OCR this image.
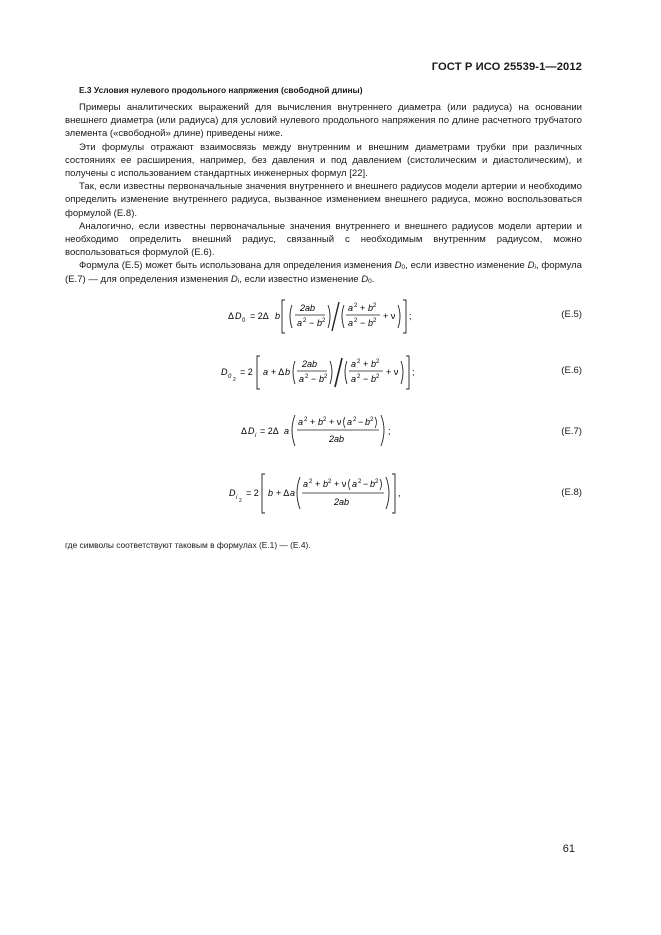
ГОСТ Р ИСО 25539-1—2012
Е.3 Условия нулевого продольного напряжения (свободной длины)

Примеры аналитических выражений для вычисления внутреннего диаметра (или радиуса) на основании внешнего диаметра (или радиуса) для условий нулевого продольного напряжения по длине расчетного трубчатого элемента («свободной» длине) приведены ниже.

Эти формулы отражают взаимосвязь между внутренним и внешним диаметрами трубки при различных состояниях ее расширения, например, без давления и под давлением (систолическим и диастолическим), и получены с использованием стандартных инженерных формул [22].

Так, если известны первоначальные значения внутреннего и внешнего радиусов модели артерии и необходимо определить изменение внутреннего радиуса, вызванное изменением внешнего радиуса, можно воспользоваться формулой (Е.8).

Аналогично, если известны первоначальные значения внутреннего и внешнего радиусов модели артерии и необходимо определить внешний радиус, связанный с необходимым внутренним радиусом, можно воспользоваться формулой (Е.6).

Формула (Е.5) может быть использована для определения изменения $D_0$, если известно изменение $D_i$, формула (Е.7) — для определения изменения $D_i$, если известно изменение $D_0$.

Δ D 0 = 2Δ b
2ab
a 2 − b 2
a 2 + b 2
a 2 − b 2 + ν ;	(Е.5)
D 0 2
= 2 a + Δ b
2ab
a 2 − b 2
a 2 + b 2
a 2 − b 2 + ν ;	(Е.6)
Δ D i = 2Δ a
a 2 + b 2 + ν a 2 − b 2
2ab
;	(Е.7)
D i 2
= 2 b + Δ a
a 2 + b 2 + ν a 2 − b 2
2ab
,	(Е.8)
где символы соответствуют таковым в формулах (Е.1) — (Е.4).
61
